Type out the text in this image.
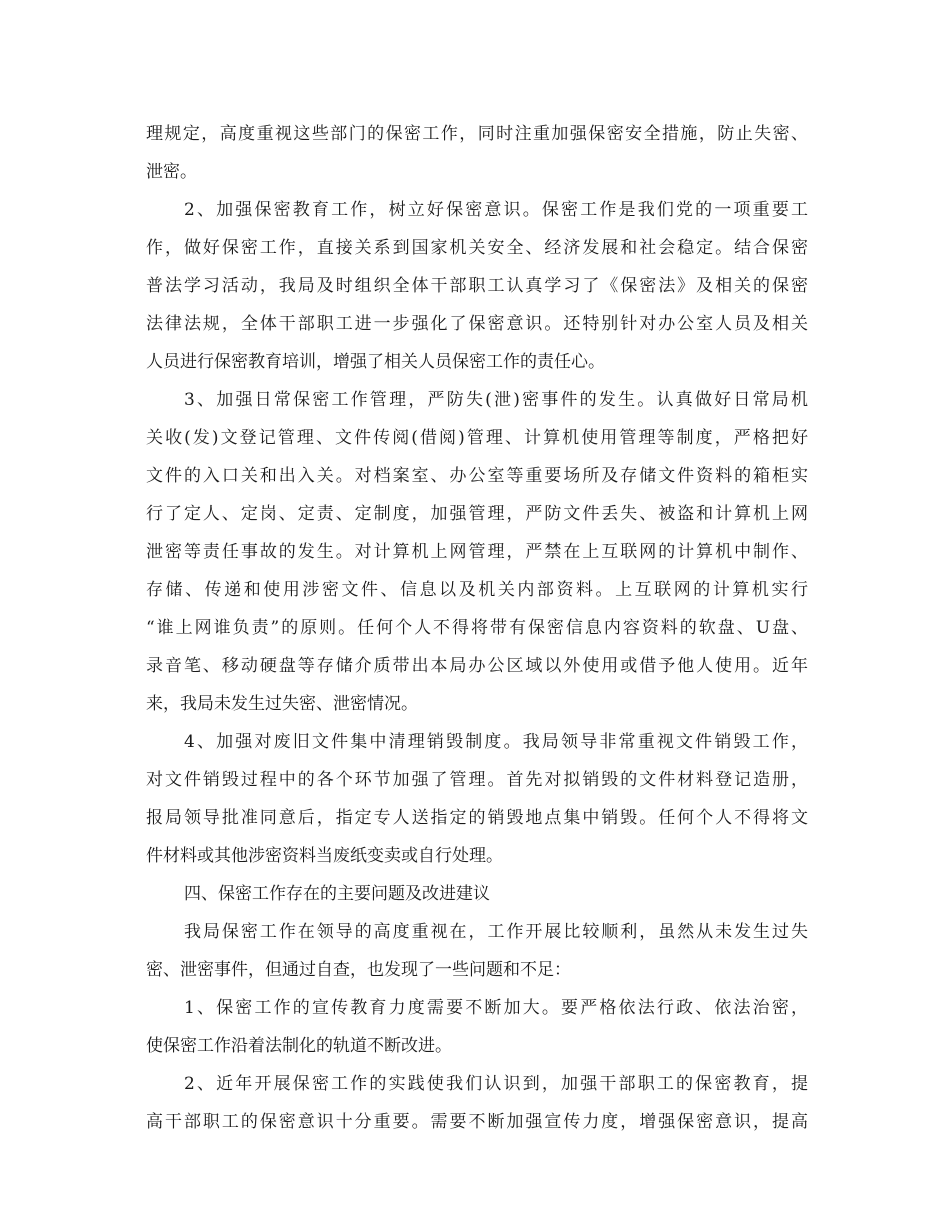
理规定，高度重视这些部门的保密工作，同时注重加强保密安全措施，防止失密、
泄密。
2、加强保密教育工作，树立好保密意识。保密工作是我们党的一项重要工
作，做好保密工作，直接关系到国家机关安全、经济发展和社会稳定。结合保密
普法学习活动，我局及时组织全体干部职工认真学习了《保密法》及相关的保密
法律法规，全体干部职工进一步强化了保密意识。还特别针对办公室人员及相关
人员进行保密教育培训，增强了相关人员保密工作的责任心。
3、加强日常保密工作管理，严防失(泄)密事件的发生。认真做好日常局机
关收(发)文登记管理、文件传阅(借阅)管理、计算机使用管理等制度，严格把好
文件的入口关和出入关。对档案室、办公室等重要场所及存储文件资料的箱柜实
行了定人、定岗、定责、定制度，加强管理，严防文件丢失、被盗和计算机上网
泄密等责任事故的发生。对计算机上网管理，严禁在上互联网的计算机中制作、
存储、传递和使用涉密文件、信息以及机关内部资料。上互联网的计算机实行
“谁上网谁负责”的原则。任何个人不得将带有保密信息内容资料的软盘、U盘、
录音笔、移动硬盘等存储介质带出本局办公区域以外使用或借予他人使用。近年
来，我局未发生过失密、泄密情况。
4、加强对废旧文件集中清理销毁制度。我局领导非常重视文件销毁工作，
对文件销毁过程中的各个环节加强了管理。首先对拟销毁的文件材料登记造册，
报局领导批准同意后，指定专人送指定的销毁地点集中销毁。任何个人不得将文
件材料或其他涉密资料当废纸变卖或自行处理。
四、保密工作存在的主要问题及改进建议
我局保密工作在领导的高度重视在，工作开展比较顺利，虽然从未发生过失
密、泄密事件，但通过自查，也发现了一些问题和不足：
1、保密工作的宣传教育力度需要不断加大。要严格依法行政、依法治密，
使保密工作沿着法制化的轨道不断改进。
2、近年开展保密工作的实践使我们认识到，加强干部职工的保密教育，提
高干部职工的保密意识十分重要。需要不断加强宣传力度，增强保密意识，提高
